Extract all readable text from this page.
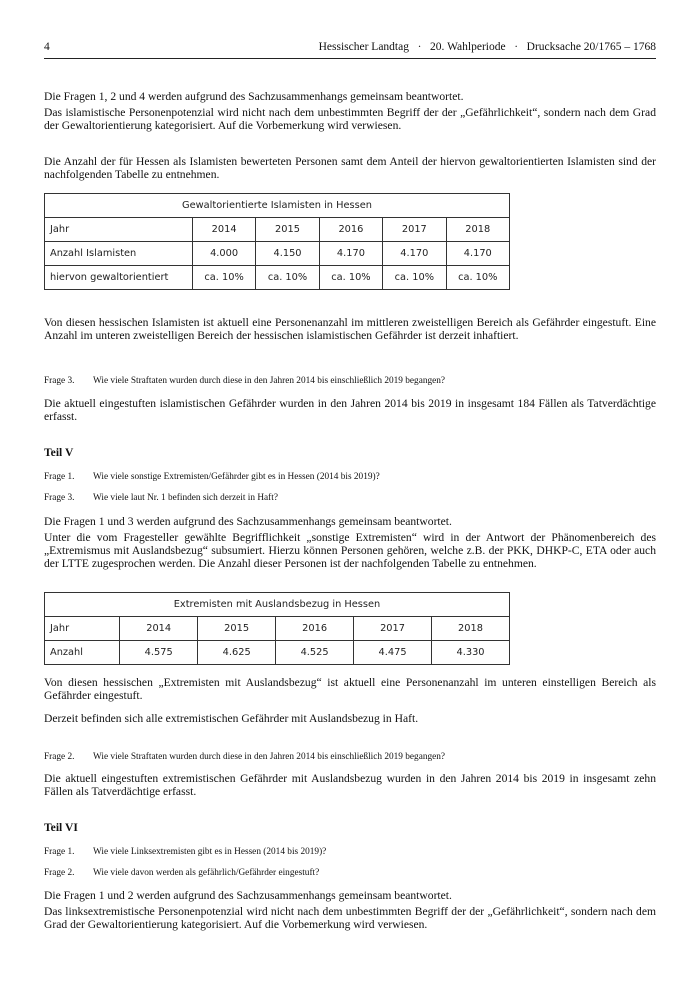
4	Hessischer Landtag   ·   20. Wahlperiode   ·   Drucksache 20/1765 – 1768
Die Fragen 1, 2 und 4 werden aufgrund des Sachzusammenhangs gemeinsam beantwortet.
Das islamistische Personenpotenzial wird nicht nach dem unbestimmten Begriff der der „Gefährlichkeit“, sondern nach dem Grad der Gewaltorientierung kategorisiert. Auf die Vorbemerkung wird verwiesen.
Die Anzahl der für Hessen als Islamisten bewerteten Personen samt dem Anteil der hiervon gewaltorientierten Islamisten sind der nachfolgenden Tabelle zu entnehmen.
Gewaltorientierte Islamisten in Hessen					
Jahr	2014	2015	2016	2017	2018
Anzahl Islamisten	4.000	4.150	4.170	4.170	4.170
hiervon gewaltorientiert	ca. 10%	ca. 10%	ca. 10%	ca. 10%	ca. 10%
Von diesen hessischen Islamisten ist aktuell eine Personenanzahl im mittleren zweistelligen Bereich als Gefährder eingestuft. Eine Anzahl im unteren zweistelligen Bereich der hessischen islamistischen Gefährder ist derzeit inhaftiert.
Frage 3. Wie viele Straftaten wurden durch diese in den Jahren 2014 bis einschließlich 2019 begangen?
Die aktuell eingestuften islamistischen Gefährder wurden in den Jahren 2014 bis 2019 in insgesamt 184 Fällen als Tatverdächtige erfasst.
Teil V
Frage 1. Wie viele sonstige Extremisten/Gefährder gibt es in Hessen (2014 bis 2019)?
Frage 3. Wie viele laut Nr. 1 befinden sich derzeit in Haft?
Die Fragen 1 und 3 werden aufgrund des Sachzusammenhangs gemeinsam beantwortet.
Unter die vom Fragesteller gewählte Begrifflichkeit „sonstige Extremisten“ wird in der Antwort der Phänomenbereich des „Extremismus mit Auslandsbezug“ subsumiert. Hierzu können Personen gehören, welche z.B. der PKK, DHKP-C, ETA oder auch der LTTE zugesprochen werden. Die Anzahl dieser Personen ist der nachfolgenden Tabelle zu entnehmen.
Extremisten mit Auslandsbezug in Hessen					
Jahr	2014	2015	2016	2017	2018
Anzahl	4.575	4.625	4.525	4.475	4.330
Von diesen hessischen „Extremisten mit Auslandsbezug“ ist aktuell eine Personenanzahl im unteren einstelligen Bereich als Gefährder eingestuft.
Derzeit befinden sich alle extremistischen Gefährder mit Auslandsbezug in Haft.
Frage 2. Wie viele Straftaten wurden durch diese in den Jahren 2014 bis einschließlich 2019 begangen?
Die aktuell eingestuften extremistischen Gefährder mit Auslandsbezug wurden in den Jahren 2014 bis 2019 in insgesamt zehn Fällen als Tatverdächtige erfasst.
Teil VI
Frage 1. Wie viele Linksextremisten gibt es in Hessen (2014 bis 2019)?
Frage 2. Wie viele davon werden als gefährlich/Gefährder eingestuft?
Die Fragen 1 und 2 werden aufgrund des Sachzusammenhangs gemeinsam beantwortet.
Das linksextremistische Personenpotenzial wird nicht nach dem unbestimmten Begriff der der „Gefährlichkeit“, sondern nach dem Grad der Gewaltorientierung kategorisiert. Auf die Vorbemerkung wird verwiesen.
